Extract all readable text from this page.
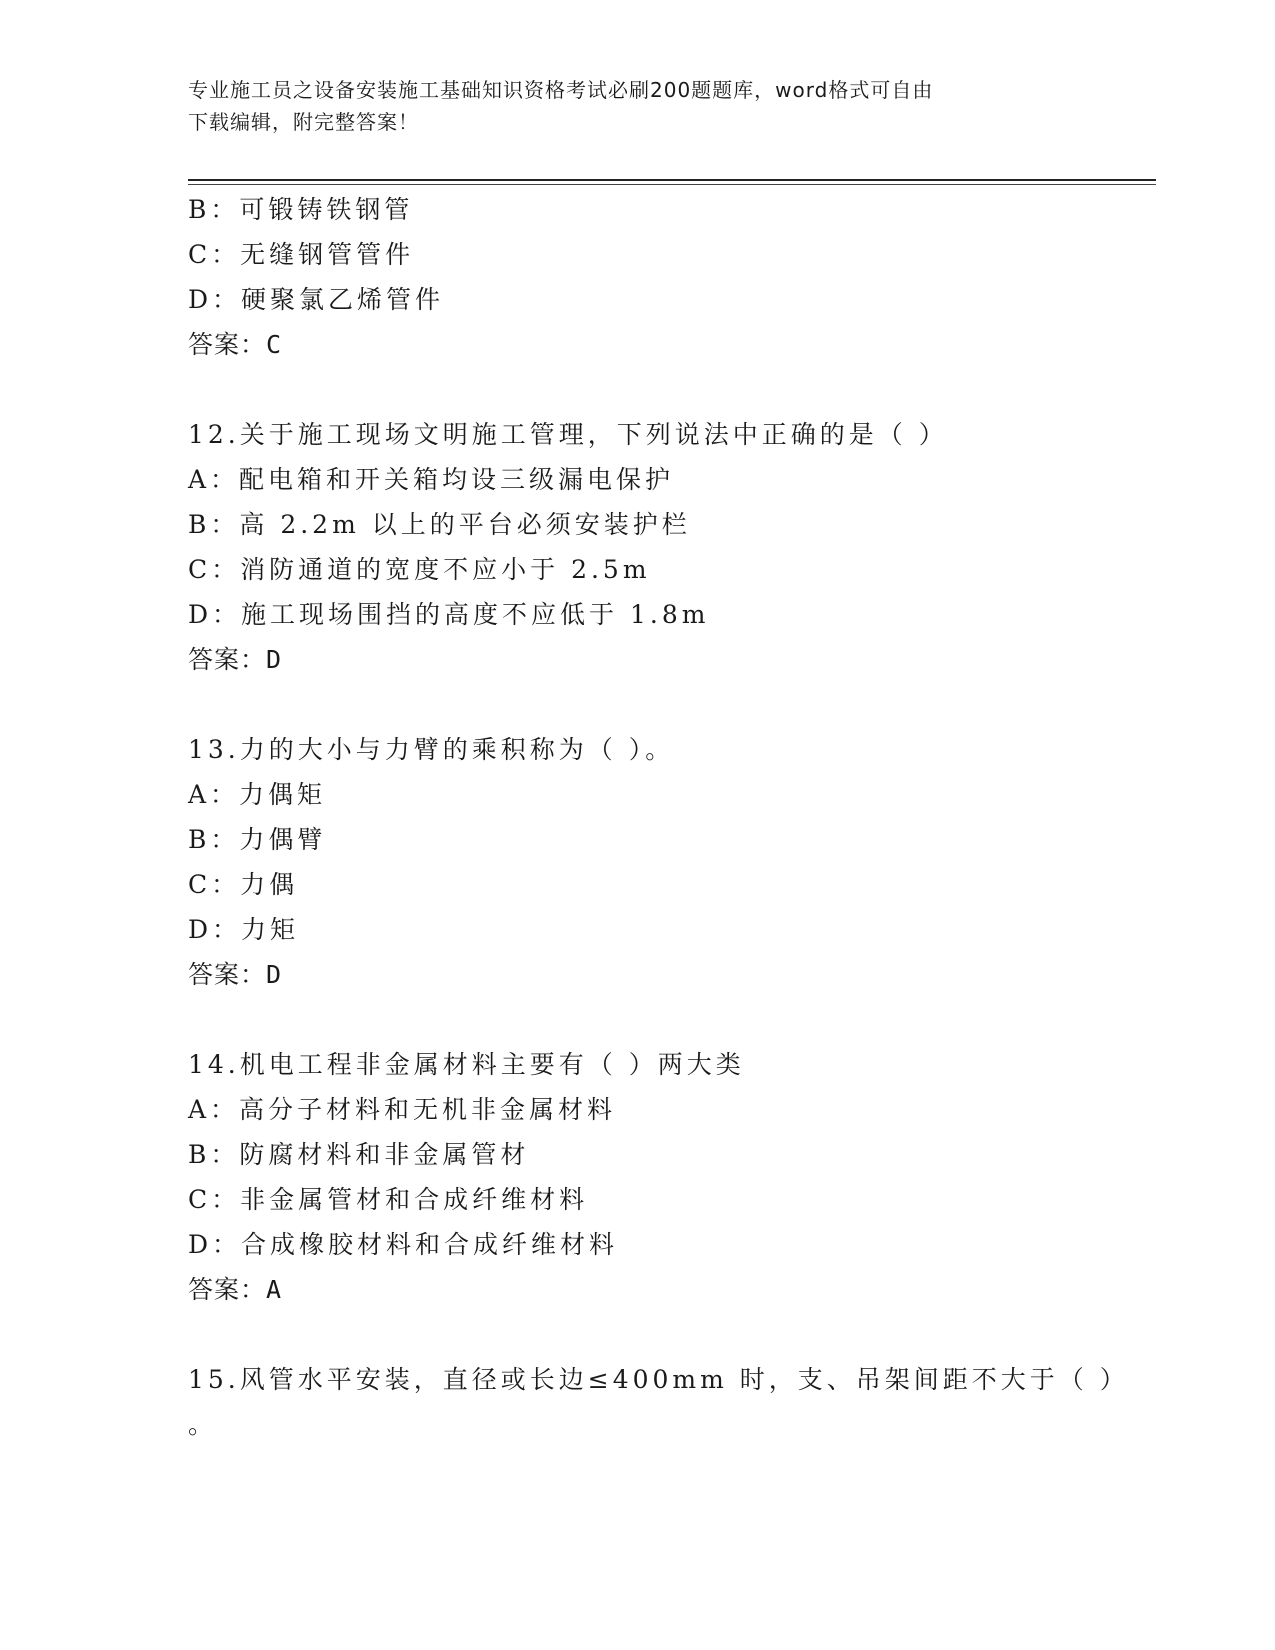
专业施工员之设备安装施工基础知识资格考试必刷200题题库，word格式可自由
下载编辑，附完整答案！
B：可锻铸铁钢管
C：无缝钢管管件
D：硬聚氯乙烯管件
答案：C
12.关于施工现场文明施工管理，下列说法中正确的是（ ）
A：配电箱和开关箱均设三级漏电保护
B：高 2.2m 以上的平台必须安装护栏
C：消防通道的宽度不应小于 2.5m
D：施工现场围挡的高度不应低于 1.8m
答案：D
13.力的大小与力臂的乘积称为（ ）。
A：力偶矩
B：力偶臂
C：力偶
D：力矩
答案：D
14.机电工程非金属材料主要有（ ）两大类
A：高分子材料和无机非金属材料
B：防腐材料和非金属管材
C：非金属管材和合成纤维材料
D：合成橡胶材料和合成纤维材料
答案：A
15.风管水平安装，直径或长边≤400mm 时，支、吊架间距不大于（ ）
。
